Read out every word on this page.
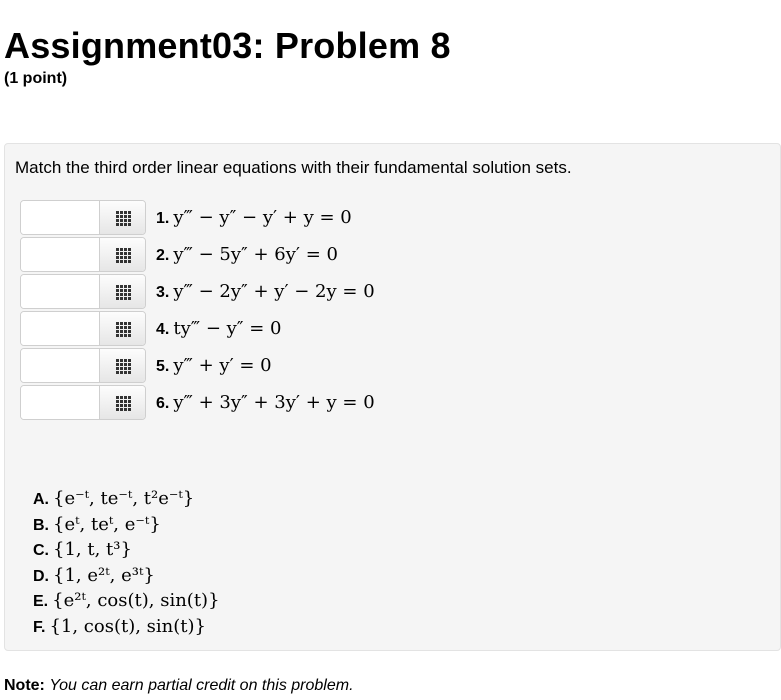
Assignment03: Problem 8
(1 point)
Match the third order linear equations with their fundamental solution sets.
1. y‴ − y″ − y′ + y = 0
2. y‴ − 5y″ + 6y′ = 0
3. y‴ − 2y″ + y′ − 2y = 0
4. ty‴ − y″ = 0
5. y‴ + y′ = 0
6. y‴ + 3y″ + 3y′ + y = 0
A. {e⁻ᵗ, te⁻ᵗ, t²e⁻ᵗ}
B. {eᵗ, teᵗ, e⁻ᵗ}
C. {1, t, t³}
D. {1, e²ᵗ, e³ᵗ}
E. {e²ᵗ, cos(t), sin(t)}
F. {1, cos(t), sin(t)}
Note: You can earn partial credit on this problem.
